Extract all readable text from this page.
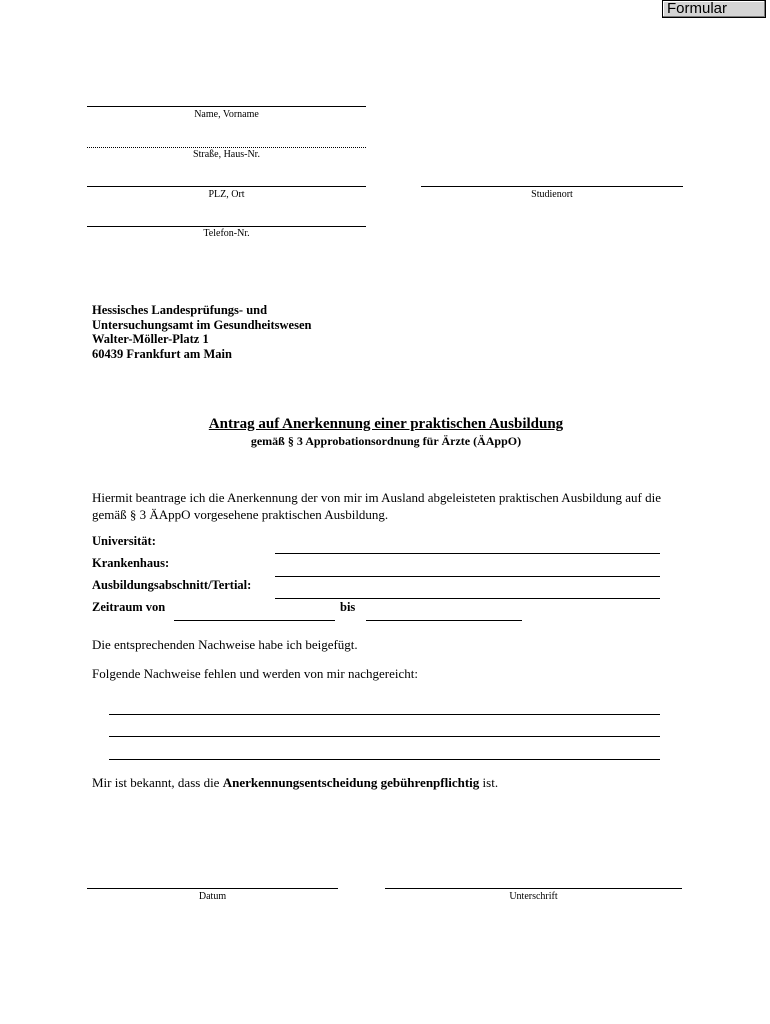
Formular
Name, Vorname
Straße, Haus-Nr.
PLZ, Ort	Studienort
Telefon-Nr.
Hessisches Landesprüfungs- und
Untersuchungsamt im Gesundheitswesen
Walter-Möller-Platz 1
60439 Frankfurt am Main
Antrag auf Anerkennung einer praktischen Ausbildung
gemäß § 3 Approbationsordnung für Ärzte (ÄAppO)
Hiermit beantrage ich die Anerkennung der von mir im Ausland abgeleisteten praktischen Ausbildung auf die gemäß § 3 ÄAppO vorgesehene praktischen Ausbildung.
Universität:
Krankenhaus:
Ausbildungsabschnitt/Tertial:
Zeitraum von	bis
Die entsprechenden Nachweise habe ich beigefügt.
Folgende Nachweise fehlen und werden von mir nachgereicht:
Mir ist bekannt, dass die Anerkennungsentscheidung gebührenpflichtig ist.
Datum	Unterschrift
